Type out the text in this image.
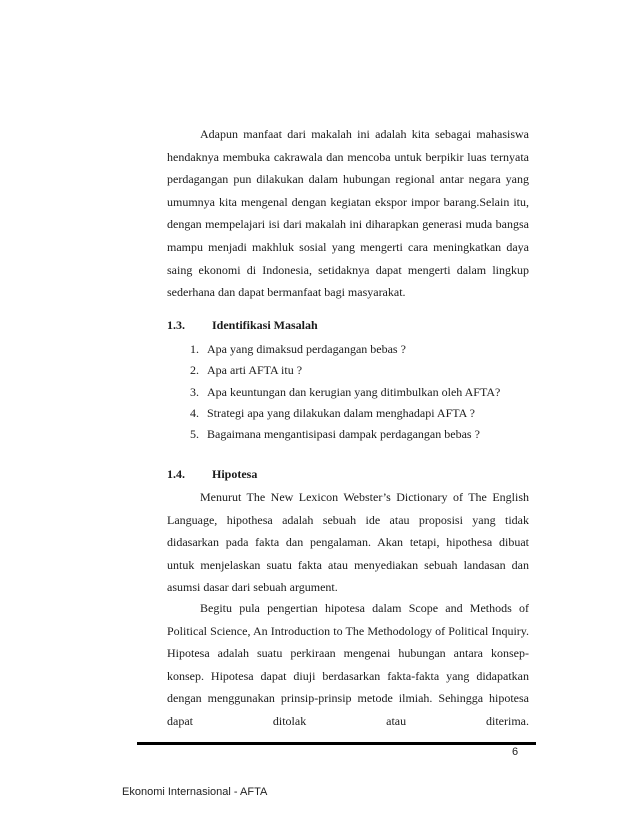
Adapun manfaat dari makalah ini adalah kita sebagai mahasiswa hendaknya membuka cakrawala dan mencoba untuk berpikir luas ternyata perdagangan pun dilakukan dalam hubungan regional antar negara yang umumnya kita mengenal dengan kegiatan ekspor impor barang.Selain itu, dengan mempelajari isi dari makalah ini diharapkan generasi muda bangsa mampu menjadi makhluk sosial yang mengerti cara meningkatkan daya saing ekonomi di Indonesia, setidaknya dapat mengerti dalam lingkup sederhana dan dapat bermanfaat bagi masyarakat.

1.3. Identifikasi Masalah
1. Apa yang dimaksud perdagangan bebas ?
2. Apa arti AFTA itu ?
3. Apa keuntungan dan kerugian yang ditimbulkan oleh AFTA?
4. Strategi apa yang dilakukan dalam menghadapi AFTA ?
5. Bagaimana mengantisipasi dampak perdagangan bebas ?
1.4. Hipotesa

Menurut The New Lexicon Webster’s Dictionary of The English Language, hipothesa adalah sebuah ide atau proposisi yang tidak didasarkan pada fakta dan pengalaman. Akan tetapi, hipothesa dibuat untuk menjelaskan suatu fakta atau menyediakan sebuah landasan dan asumsi dasar dari sebuah argument.

Begitu pula pengertian hipotesa dalam Scope and Methods of Political Science, An Introduction to The Methodology of Political Inquiry. Hipotesa adalah suatu perkiraan mengenai hubungan antara konsep-konsep. Hipotesa dapat diuji berdasarkan fakta-fakta yang didapatkan dengan menggunakan prinsip-prinsip metode ilmiah. Sehingga hipotesa dapat ditolak atau diterima.

6
Ekonomi Internasional - AFTA
